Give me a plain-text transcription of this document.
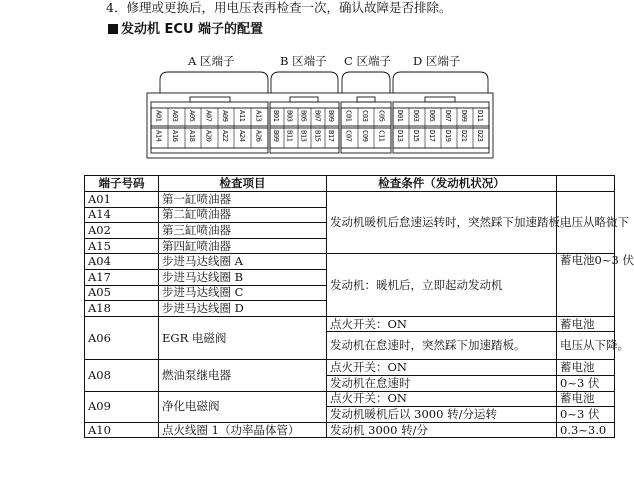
4．修理或更换后，用电压表再检查一次，确认故障是否排除。
发动机 ECU 端子的配置
A 区端子	B 区端子 C 区端子 D 区端子
A01
A14
A03
A16
A05
A18
A07
A20
A09
A22
A11
A24
A13
A26
B01
B09
B03
B11
B05
B13
B07
B15
B09
B17
C01
C07
C03
C09
C05
C11
D01
D13
D03
D15
D05
D17
D07
D19
D09
D21
D11
D23
端子号码	检查项目	检查条件（发动机状况）	
A01	第一缸喷油器	发动机暖机后怠速运转时，突然踩下加速踏板。	电压从略微下
A14	第二缸喷油器		
A02	第三缸喷油器		
A15	第四缸喷油器		
A04	步进马达线圈 A	发动机：暖机后，立即起动发动机	蓄电池0~3 伏
A17	步进马达线圈 B		
A05	步进马达线圈 C		
A18	步进马达线圈 D		
A06	EGR 电磁阀	点火开关：ON	蓄电池
		发动机在怠速时，突然踩下加速踏板。	电压从下降。
A08	燃油泵继电器	点火开关：ON	蓄电池
		发动机在怠速时	0~3 伏
A09	净化电磁阀	点火开关：ON	蓄电池
		发动机暖机后以 3000 转/分运转	0~3 伏
A10	点火线圈 1（功率晶体管）	发动机 3000 转/分	0.3~3.0
